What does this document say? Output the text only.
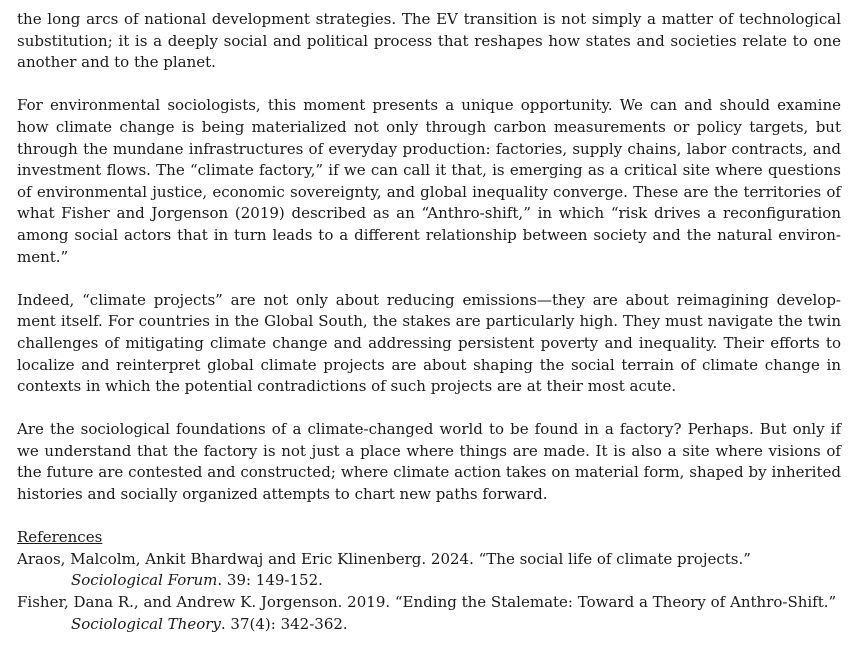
the long arcs of national development strategies. The EV transition is not simply a matter of technological substitution; it is a deeply social and political process that reshapes how states and societies relate to one another and to the planet.

For environmental sociologists, this moment presents a unique opportunity. We can and should examine how climate change is being materialized not only through carbon measurements or policy targets, but through the mundane infrastructures of everyday production: factories, supply chains, labor contracts, and investment flows. The “climate factory,” if we can call it that, is emerging as a critical site where questions of environmental justice, economic sovereignty, and global inequality converge. These are the territories of what Fisher and Jorgenson (2019) described as an “Anthro-shift,” in which “risk drives a reconfiguration among social actors that in turn leads to a different relationship between society and the natural environ-ment.”

Indeed, “climate projects” are not only about reducing emissions—they are about reimagining develop-ment itself. For countries in the Global South, the stakes are particularly high. They must navigate the twin challenges of mitigating climate change and addressing persistent poverty and inequality. Their efforts to localize and reinterpret global climate projects are about shaping the social terrain of climate change in contexts in which the potential contradictions of such projects are at their most acute.

Are the sociological foundations of a climate-changed world to be found in a factory? Perhaps. But only if we understand that the factory is not just a place where things are made. It is also a site where visions of the future are contested and constructed; where climate action takes on material form, shaped by inherited histories and socially organized attempts to chart new paths forward.

References

Araos, Malcolm, Ankit Bhardwaj and Eric Klinenberg. 2024. “The social life of climate projects.”
Sociological Forum. 39: 149-152.

Fisher, Dana R., and Andrew K. Jorgenson. 2019. “Ending the Stalemate: Toward a Theory of Anthro-Shift.”
Sociological Theory. 37(4): 342-362.
